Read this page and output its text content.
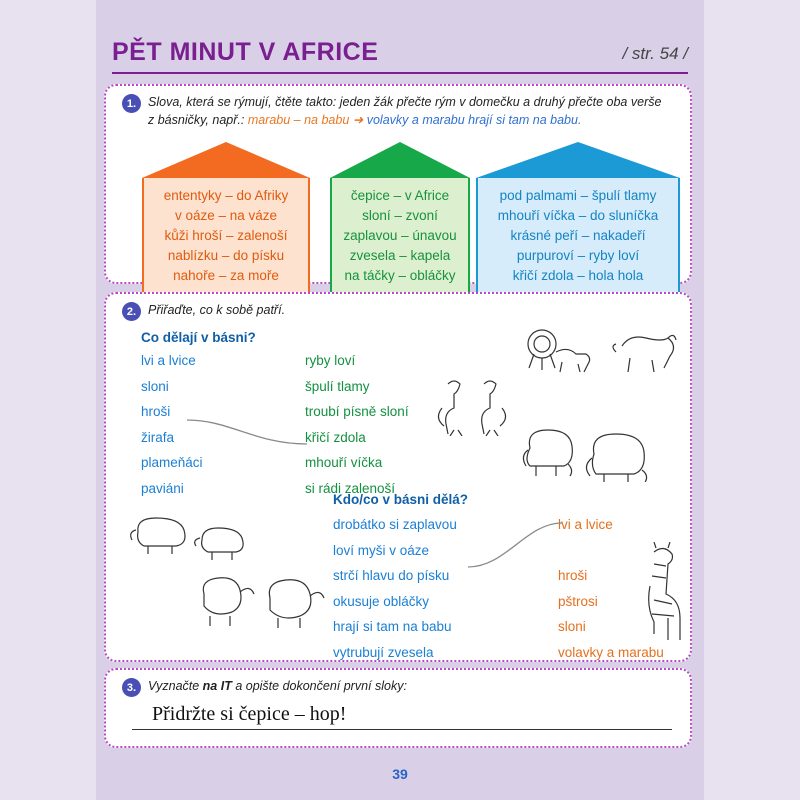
PĚT MINUT V AFRICE	/ str. 54 /
1. Slova, která se rýmují, čtěte takto: jeden žák přečte rým v domečku a druhý přečte oba verše
z básničky, např.: marabu – na babu ➜ volavky a marabu hrají si tam na babu.
ententyky – do Afriky
v oáze – na váze
kůži hroší – zalenoší
nablízku – do písku
nahoře – za moře
čepice – v Africe
sloní – zvoní
zaplavou – únavou
zvesela – kapela
na táčky – obláčky
pod palmami – špulí tlamy
mhouří víčka – do sluníčka
krásné peří – nakadeří
purpuroví – ryby loví
křičí zdola – hola hola
2. Přiřaďte, co k sobě patří.
Co dělají v básni?
lvi a lvice
sloni
hroši
žirafa
plameňáci
paviáni
ryby loví
špulí tlamy
troubí písně sloní
křičí zdola
mhouří víčka
si rádi zalenoší
Kdo/co v básni dělá?
drobátko si zaplavou
loví myši v oáze
strčí hlavu do písku
okusuje obláčky
hrají si tam na babu
vytrubují zvesela
lvi a lvice

hroši
pštrosi
sloni
volavky a marabu
3. Vyznačte na IT a opište dokončení první sloky:
Přidržte si čepice – hop!
39
